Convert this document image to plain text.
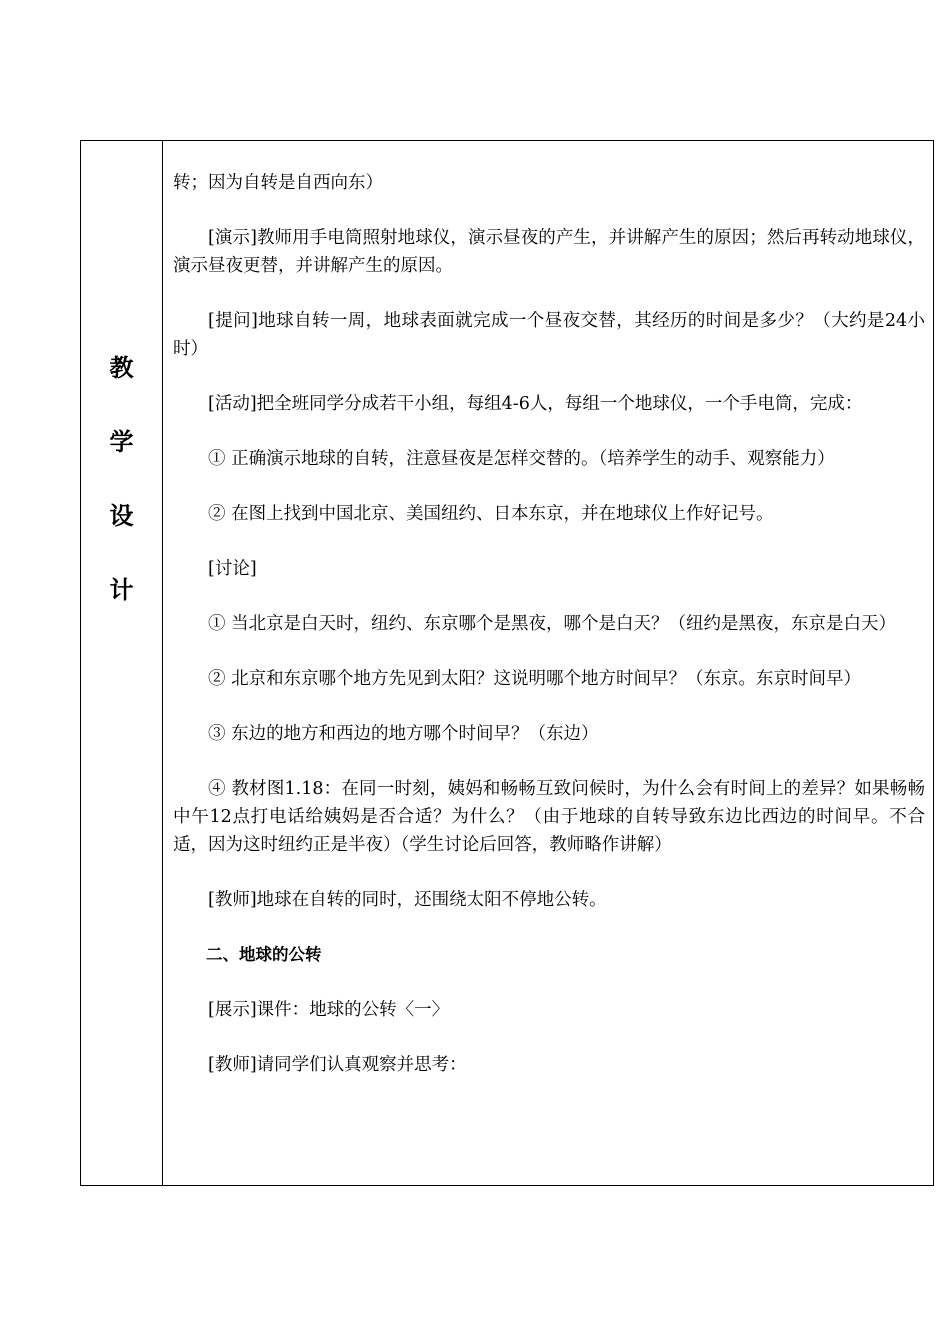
教
学
设
计

转；因为自转是自西向东）

[演示]教师用手电筒照射地球仪，演示昼夜的产生，并讲解产生的原因；然后再转动地球仪，演示昼夜更替，并讲解产生的原因。

[提问]地球自转一周，地球表面就完成一个昼夜交替，其经历的时间是多少？（大约是24小时）

[活动]把全班同学分成若干小组，每组4-6人，每组一个地球仪，一个手电筒，完成：

① 正确演示地球的自转，注意昼夜是怎样交替的。（培养学生的动手、观察能力）

② 在图上找到中国北京、美国纽约、日本东京，并在地球仪上作好记号。

[讨论]

① 当北京是白天时，纽约、东京哪个是黑夜，哪个是白天？（纽约是黑夜，东京是白天）

② 北京和东京哪个地方先见到太阳？这说明哪个地方时间早？（东京。东京时间早）

③ 东边的地方和西边的地方哪个时间早？（东边）

④ 教材图1.18：在同一时刻，姨妈和畅畅互致问候时，为什么会有时间上的差异？如果畅畅中午12点打电话给姨妈是否合适？为什么？（由于地球的自转导致东边比西边的时间早。不合适，因为这时纽约正是半夜）（学生讨论后回答，教师略作讲解）

[教师]地球在自转的同时，还围绕太阳不停地公转。

二、地球的公转

[展示]课件：地球的公转〈一〉

[教师]请同学们认真观察并思考：
